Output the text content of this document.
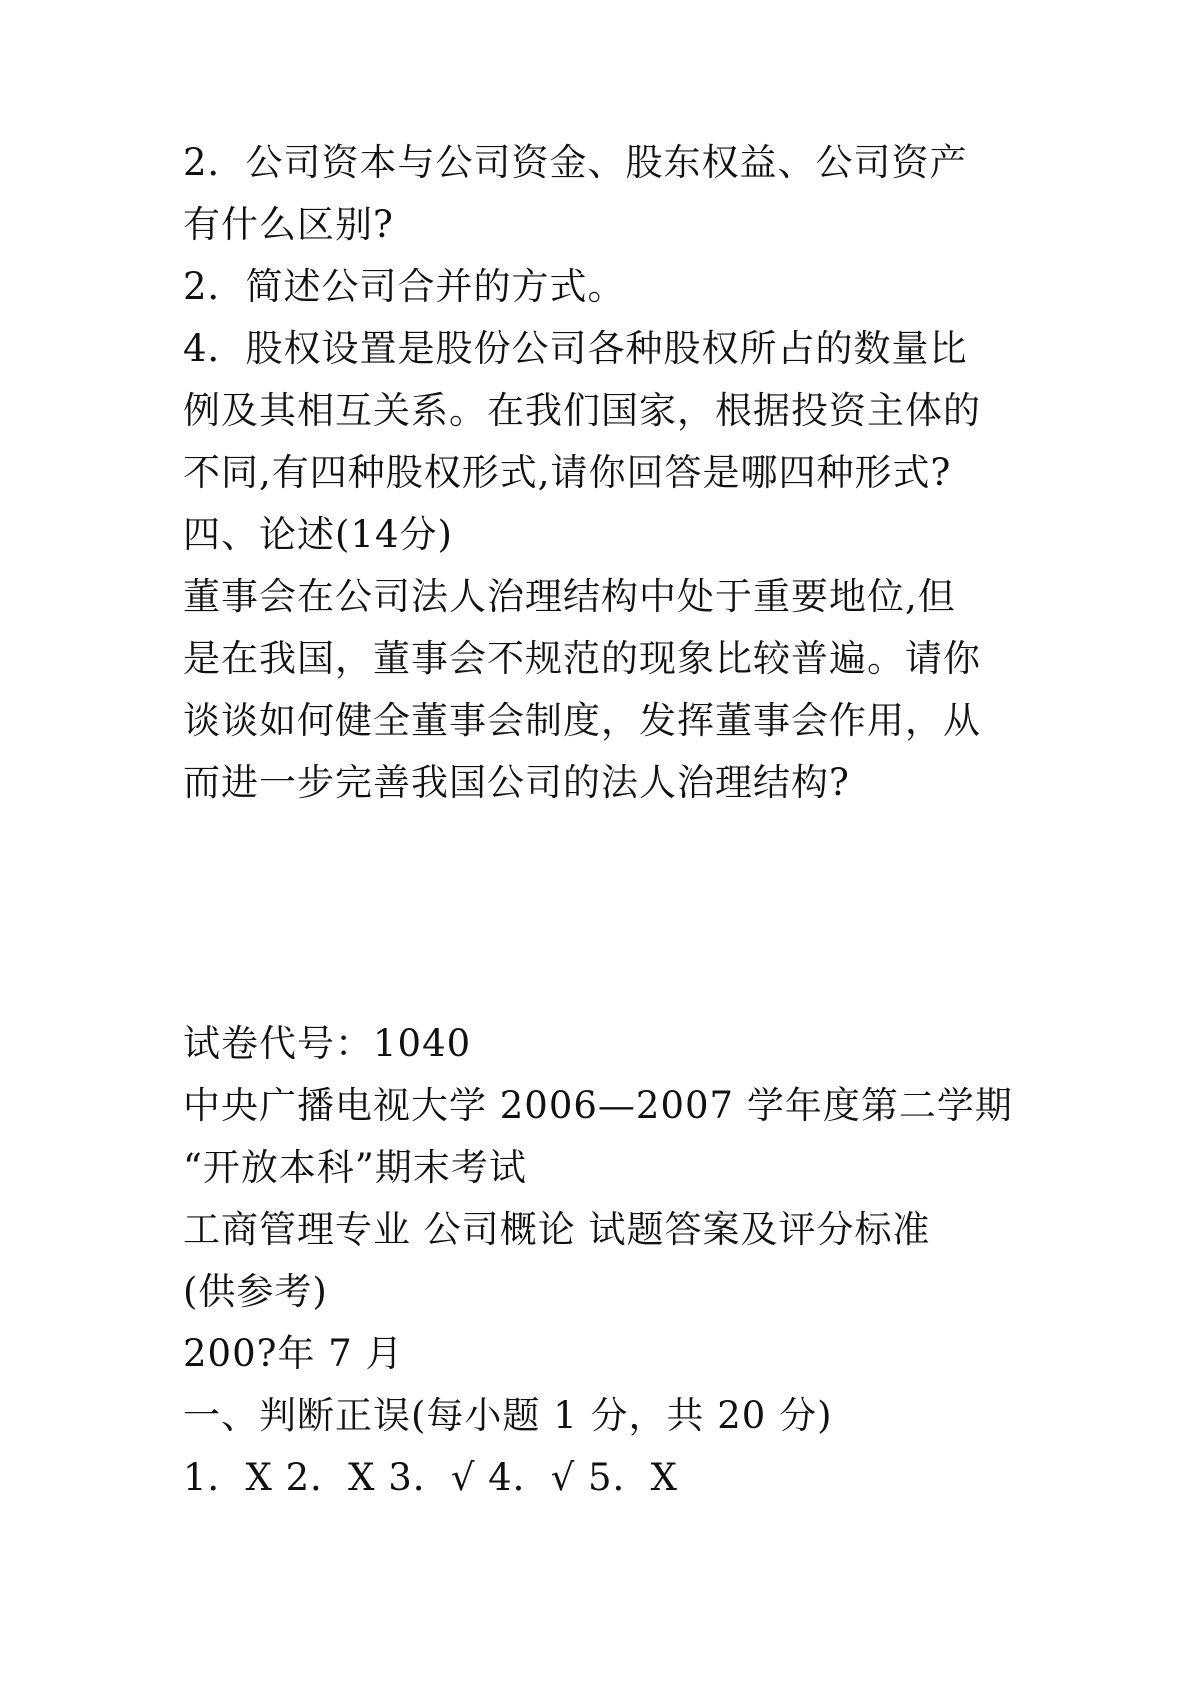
2．公司资本与公司资金、股东权益、公司资产
有什么区别?
2．简述公司合并的方式。
4．股权设置是股份公司各种股权所占的数量比
例及其相互关系。在我们国家，根据投资主体的
不同,有四种股权形式,请你回答是哪四种形式?
四、论述(14分)
董事会在公司法人治理结构中处于重要地位,但
是在我国，董事会不规范的现象比较普遍。请你
谈谈如何健全董事会制度，发挥董事会作用，从
而进一步完善我国公司的法人治理结构?
试卷代号：1040
中央广播电视大学 2006—2007 学年度第二学期
“开放本科”期末考试
工商管理专业 公司概论 试题答案及评分标准
(供参考)
200?年 7 月
一、判断正误(每小题 1 分，共 20 分)
1．X 2．X 3．√ 4．√ 5．X
